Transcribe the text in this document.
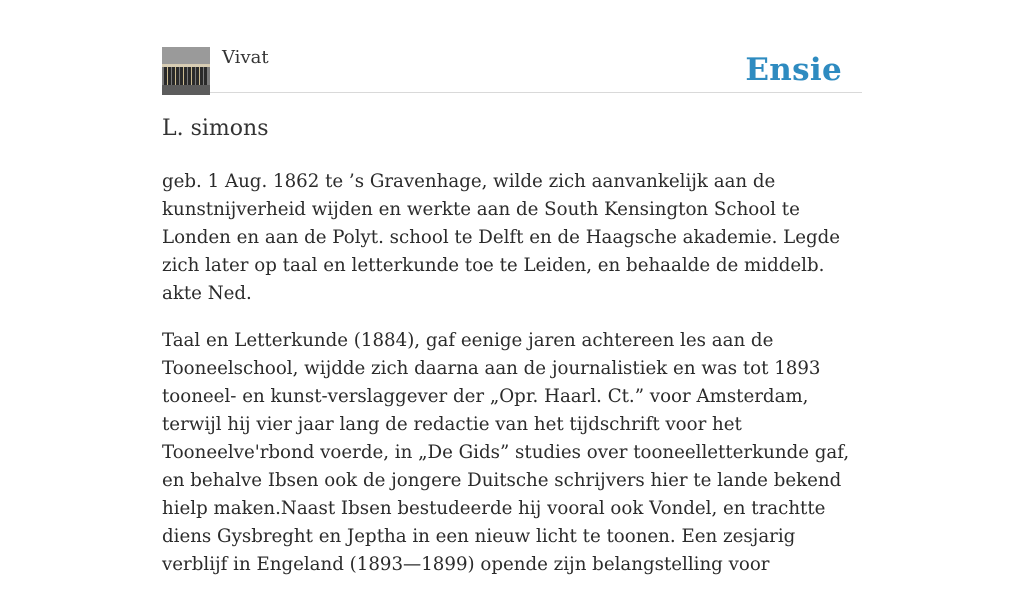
Vivat	Ensie
L. simons

geb. 1 Aug. 1862 te ’s Gravenhage, wilde zich aanvankelijk aan de kunstnijverheid wijden en werkte aan de South Kensington School te Londen en aan de Polyt. school te Delft en de Haagsche akademie. Legde zich later op taal en letterkunde toe te Leiden, en behaalde de middelb. akte Ned.

Taal en Letterkunde (1884), gaf eenige jaren achtereen les aan de Tooneelschool, wijdde zich daarna aan de journalistiek en was tot 1893 tooneel- en kunst-verslaggever der „Opr. Haarl. Ct.” voor Amsterdam, terwijl hij vier jaar lang de redactie van het tijdschrift voor het Tooneelve'rbond voerde, in „De Gids” studies over tooneelletterkunde gaf, en behalve Ibsen ook de jongere Duitsche schrijvers hier te lande bekend hielp maken.Naast Ibsen bestudeerde hij vooral ook Vondel, en trachtte diens Gysbreght en Jeptha in een nieuw licht te toonen. Een zesjarig verblijf in Engeland (1893—1899) opende zijn belangstelling voor
